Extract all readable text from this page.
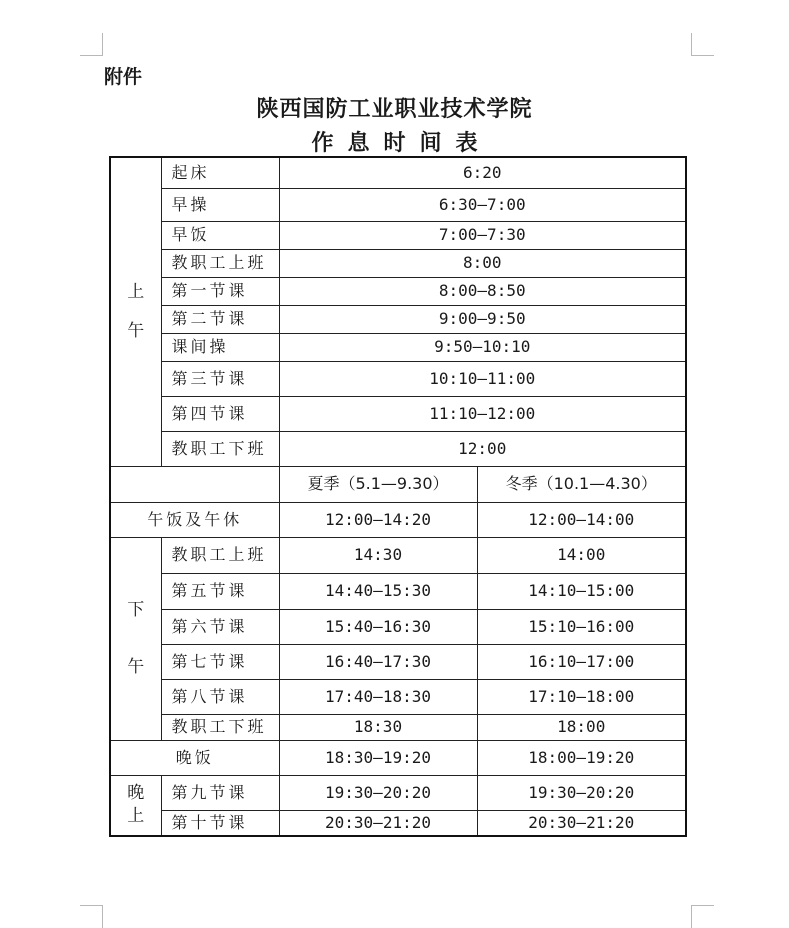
附件
陕西国防工业职业技术学院
作息时间表
上
午	起床	6:20	
	早操	6:30—7:00	
	早饭	7:00—7:30	
	教职工上班	8:00	
	第一节课	8:00—8:50	
	第二节课	9:00—9:50	
	课间操	9:50—10:10	
	第三节课	10:10—11:00	
	第四节课	11:10—12:00	
	教职工下班	12:00	
		夏季（5.1—9.30）	冬季（10.1—4.30）
午饭及午休		12:00—14:20	12:00—14:00

下
午	教职工上班	14:30	14:00
	第五节课	14:40—15:30	14:10—15:00
	第六节课	15:40—16:30	15:10—16:00
	第七节课	16:40—17:30	16:10—17:00
	第八节课	17:40—18:30	17:10—18:00
	教职工下班	18:30	18:00
晚饭		18:30—19:20	18:00—19:20

晚
上	第九节课	19:30—20:20	19:30—20:20
	第十节课	20:30—21:20	20:30—21:20
